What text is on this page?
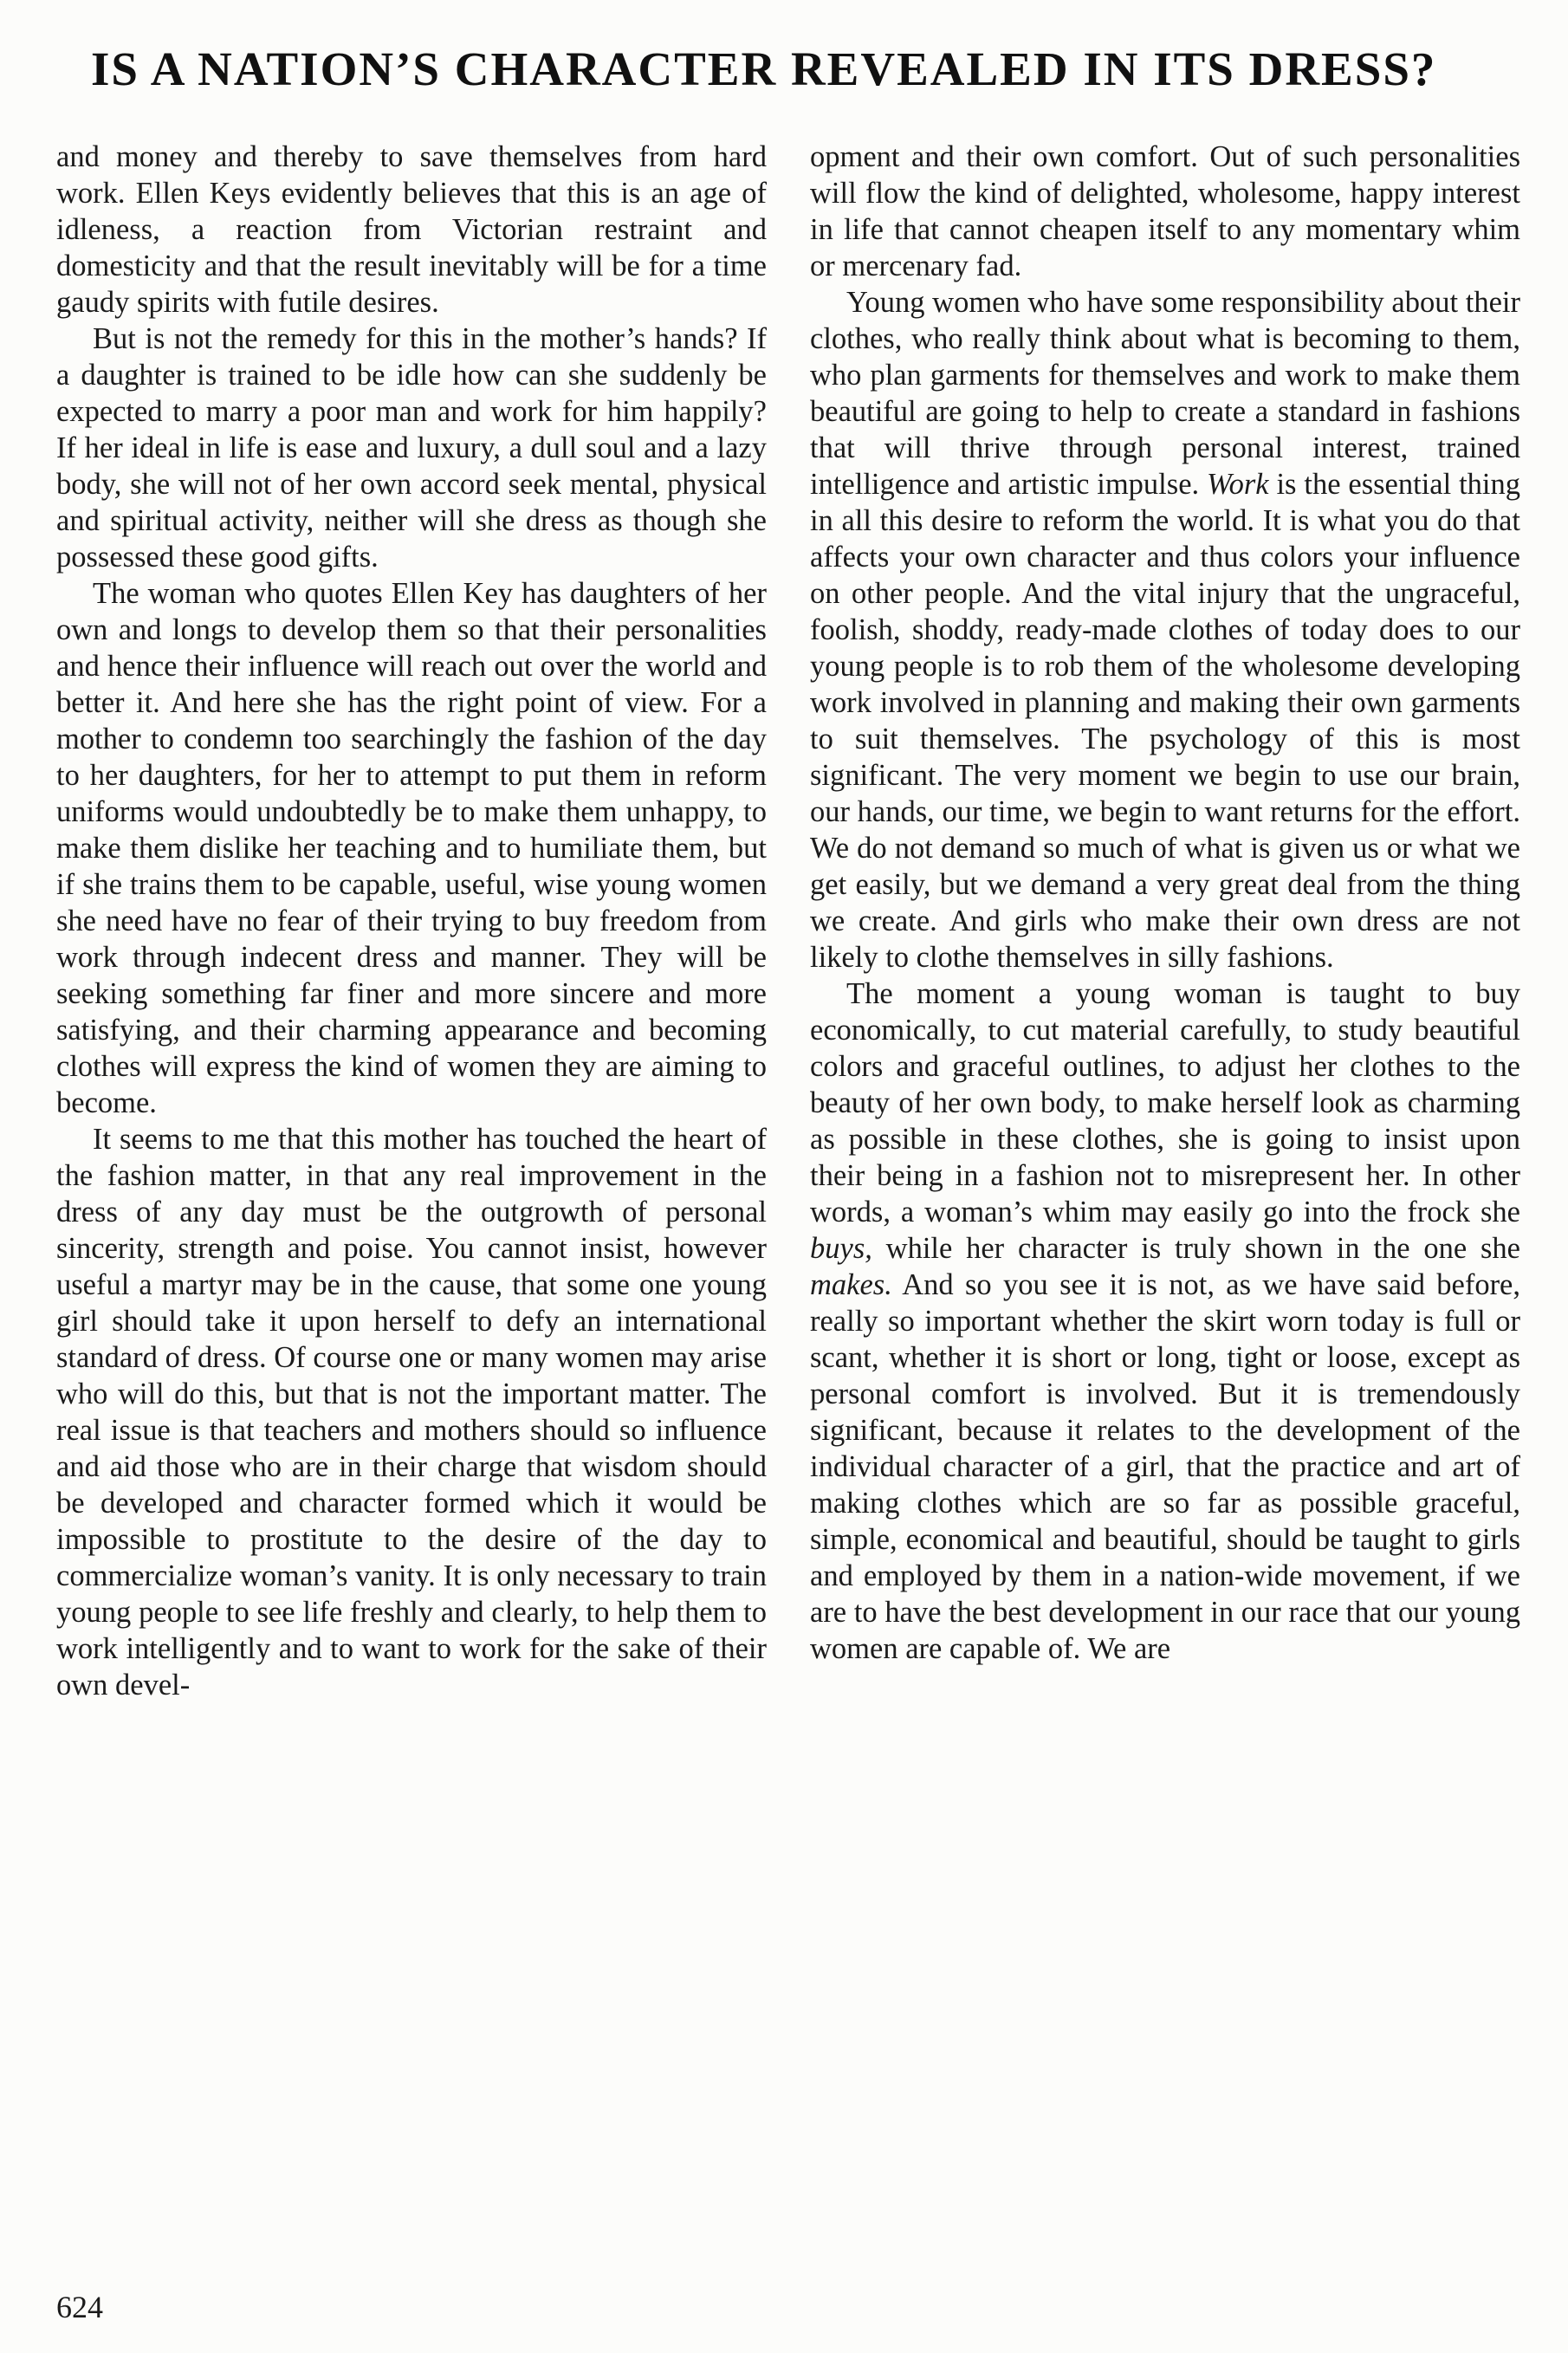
IS A NATION’S CHARACTER REVEALED IN ITS DRESS?

and money and thereby to save themselves from hard work. Ellen Keys evidently believes that this is an age of idleness, a reaction from Victorian restraint and domesticity and that the result inevitably will be for a time gaudy spirits with futile desires.

But is not the remedy for this in the mother’s hands? If a daughter is trained to be idle how can she suddenly be expected to marry a poor man and work for him happily? If her ideal in life is ease and luxury, a dull soul and a lazy body, she will not of her own accord seek mental, physical and spiritual activity, neither will she dress as though she possessed these good gifts.

The woman who quotes Ellen Key has daughters of her own and longs to develop them so that their personalities and hence their influence will reach out over the world and better it. And here she has the right point of view. For a mother to condemn too searchingly the fashion of the day to her daughters, for her to attempt to put them in reform uniforms would undoubtedly be to make them unhappy, to make them dislike her teaching and to humiliate them, but if she trains them to be capable, useful, wise young women she need have no fear of their trying to buy freedom from work through indecent dress and manner. They will be seeking something far finer and more sincere and more satisfying, and their charming appearance and becoming clothes will express the kind of women they are aiming to become.

It seems to me that this mother has touched the heart of the fashion matter, in that any real improvement in the dress of any day must be the outgrowth of personal sincerity, strength and poise. You cannot insist, however useful a martyr may be in the cause, that some one young girl should take it upon herself to defy an international standard of dress. Of course one or many women may arise who will do this, but that is not the important matter. The real issue is that teachers and mothers should so influence and aid those who are in their charge that wisdom should be developed and character formed which it would be impossible to prostitute to the desire of the day to commercialize woman’s vanity. It is only necessary to train young people to see life freshly and clearly, to help them to work intelligently and to want to work for the sake of their own devel-

opment and their own comfort. Out of such personalities will flow the kind of delighted, wholesome, happy interest in life that cannot cheapen itself to any momentary whim or mercenary fad.

Young women who have some responsibility about their clothes, who really think about what is becoming to them, who plan garments for themselves and work to make them beautiful are going to help to create a standard in fashions that will thrive through personal interest, trained intelligence and artistic impulse. Work is the essential thing in all this desire to reform the world. It is what you do that affects your own character and thus colors your influence on other people. And the vital injury that the ungraceful, foolish, shoddy, ready-made clothes of today does to our young people is to rob them of the wholesome developing work involved in planning and making their own garments to suit themselves. The psychology of this is most significant. The very moment we begin to use our brain, our hands, our time, we begin to want returns for the effort. We do not demand so much of what is given us or what we get easily, but we demand a very great deal from the thing we create. And girls who make their own dress are not likely to clothe themselves in silly fashions.

The moment a young woman is taught to buy economically, to cut material carefully, to study beautiful colors and graceful outlines, to adjust her clothes to the beauty of her own body, to make herself look as charming as possible in these clothes, she is going to insist upon their being in a fashion not to misrepresent her. In other words, a woman’s whim may easily go into the frock she buys, while her character is truly shown in the one she makes. And so you see it is not, as we have said before, really so important whether the skirt worn today is full or scant, whether it is short or long, tight or loose, except as personal comfort is involved. But it is tremendously significant, because it relates to the development of the individual character of a girl, that the practice and art of making clothes which are so far as possible graceful, simple, economical and beautiful, should be taught to girls and employed by them in a nation-wide movement, if we are to have the best development in our race that our young women are capable of. We are

624
